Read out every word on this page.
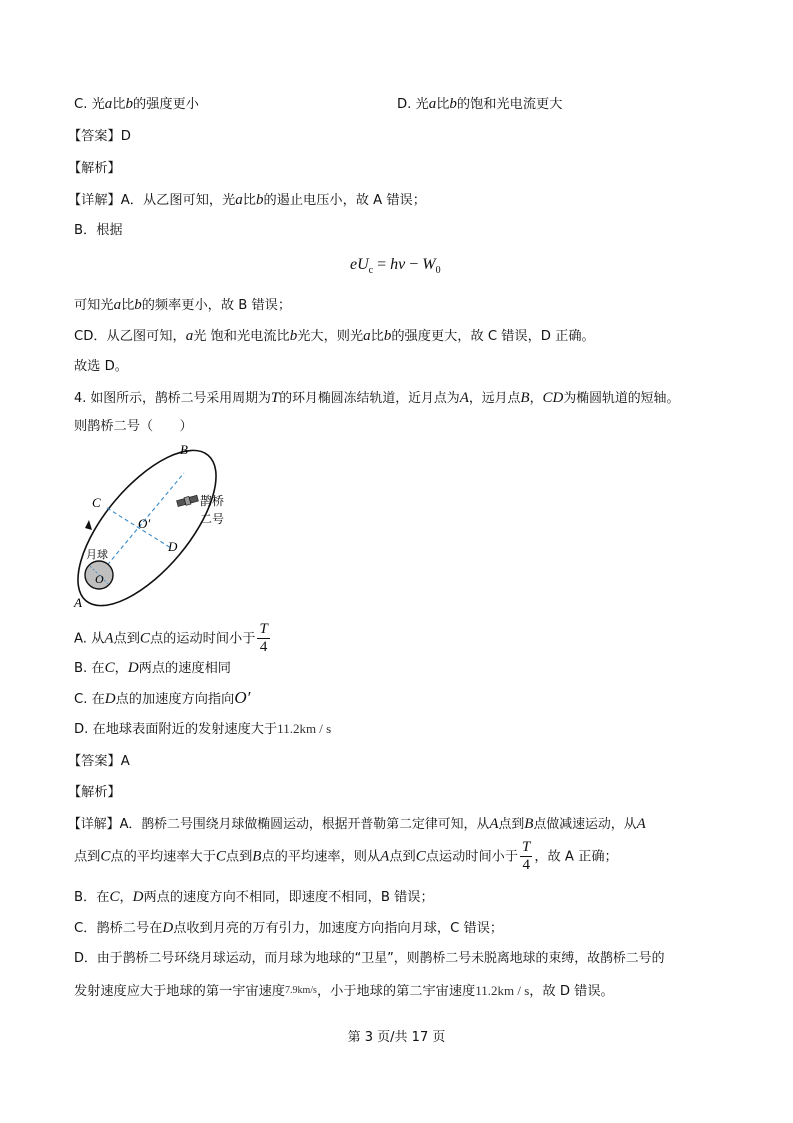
C. 光a比b的强度更小	D. 光a比b的饱和光电流更大
【答案】D
【解析】
【详解】A．从乙图可知，光a比b的遏止电压小，故 A 错误；
B．根据
$eU_c = h\nu - W_0$
可知光a比b的频率更小，故 B 错误；
CD．从乙图可知，a光 饱和光电流比b光大，则光a比b的强度更大，故 C 错误，D 正确。
故选 D。
4. 如图所示，鹊桥二号采用周期为T的环月椭圆冻结轨道，近月点为A，远月点B，CD为椭圆轨道的短轴。
则鹊桥二号（　　）
B
C
O′
D
O
A
月球
鹊桥
二号
A. 从A点到C点的运动时间小于 $\frac{T}{4}$
B. 在C，D两点的速度相同
C. 在D点的加速度方向指向O′
D. 在地球表面附近的发射速度大于11.2km / s
【答案】A
【解析】
【详解】A．鹊桥二号围绕月球做椭圆运动，根据开普勒第二定律可知，从A点到B点做减速运动，从A
点到C点的平均速率大于C点到B点的平均速率，则从A点到C点运动时间小于 $\frac{T}{4}$ ，故 A 正确；
B．在C，D两点的速度方向不相同，即速度不相同，B 错误；
C．鹊桥二号在D点收到月亮的万有引力，加速度方向指向月球，C 错误；
D．由于鹊桥二号环绕月球运动，而月球为地球的“卫星”，则鹊桥二号未脱离地球的束缚，故鹊桥二号的
发射速度应大于地球的第一宇宙速度7.9km/s，小于地球的第二宇宙速度11.2km / s，故 D 错误。
第 3 页/共 17 页
